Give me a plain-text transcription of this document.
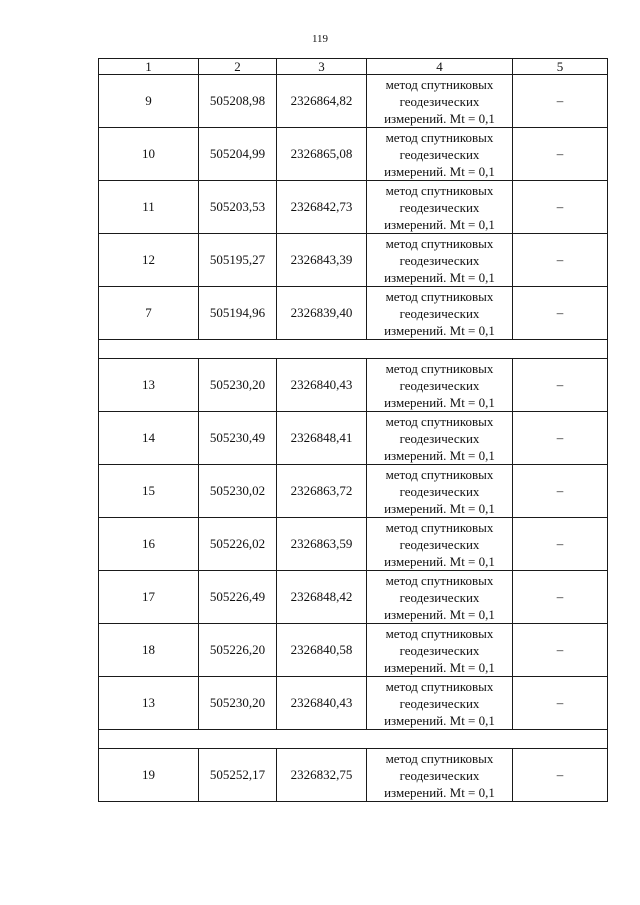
119
1	2	3	4	5
9	505208,98	2326864,82	метод спутниковых
геодезических
измерений. Mt = 0,1	–
10	505204,99	2326865,08	метод спутниковых
геодезических
измерений. Mt = 0,1	–
11	505203,53	2326842,73	метод спутниковых
геодезических
измерений. Mt = 0,1	–
12	505195,27	2326843,39	метод спутниковых
геодезических
измерений. Mt = 0,1	–
7	505194,96	2326839,40	метод спутниковых
геодезических
измерений. Mt = 0,1	–

13	505230,20	2326840,43	метод спутниковых
геодезических
измерений. Mt = 0,1	–
14	505230,49	2326848,41	метод спутниковых
геодезических
измерений. Mt = 0,1	–
15	505230,02	2326863,72	метод спутниковых
геодезических
измерений. Mt = 0,1	–
16	505226,02	2326863,59	метод спутниковых
геодезических
измерений. Mt = 0,1	–
17	505226,49	2326848,42	метод спутниковых
геодезических
измерений. Mt = 0,1	–
18	505226,20	2326840,58	метод спутниковых
геодезических
измерений. Mt = 0,1	–
13	505230,20	2326840,43	метод спутниковых
геодезических
измерений. Mt = 0,1	–

19	505252,17	2326832,75	метод спутниковых
геодезических
измерений. Mt = 0,1	–
